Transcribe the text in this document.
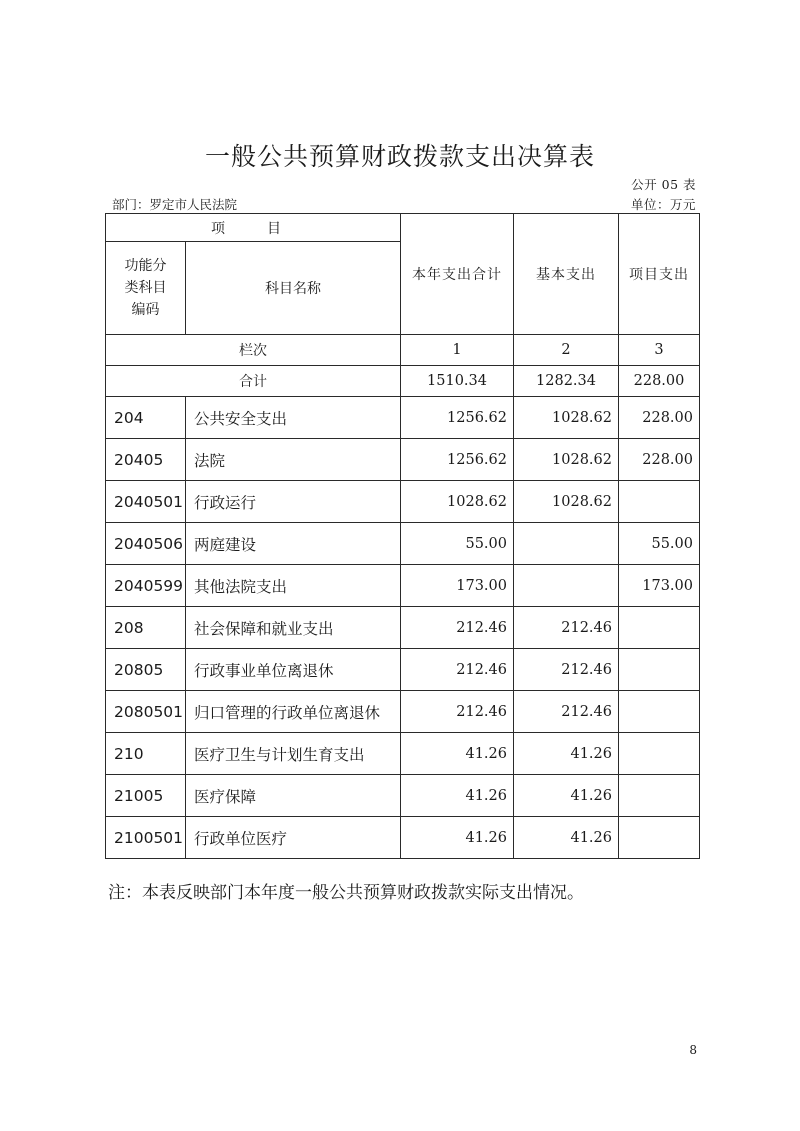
一般公共预算财政拨款支出决算表
公开 05 表
部门：罗定市人民法院	单位：万元
项　目		本年支出合计	基本支出	项目支出

功能分类科目编码	科目名称			
栏次		1	2	3
合计		1510.34	1282.34	228.00
204	公共安全支出	1256.62	1028.62	228.00
20405	法院	1256.62	1028.62	228.00
2040501	行政运行	1028.62	1028.62	
2040506	两庭建设	55.00		55.00
2040599	其他法院支出	173.00		173.00
208	社会保障和就业支出	212.46	212.46	
20805	行政事业单位离退休	212.46	212.46	
2080501	归口管理的行政单位离退休	212.46	212.46	
210	医疗卫生与计划生育支出	41.26	41.26	
21005	医疗保障	41.26	41.26	
2100501	行政单位医疗	41.26	41.26	
注：本表反映部门本年度一般公共预算财政拨款实际支出情况。
8
